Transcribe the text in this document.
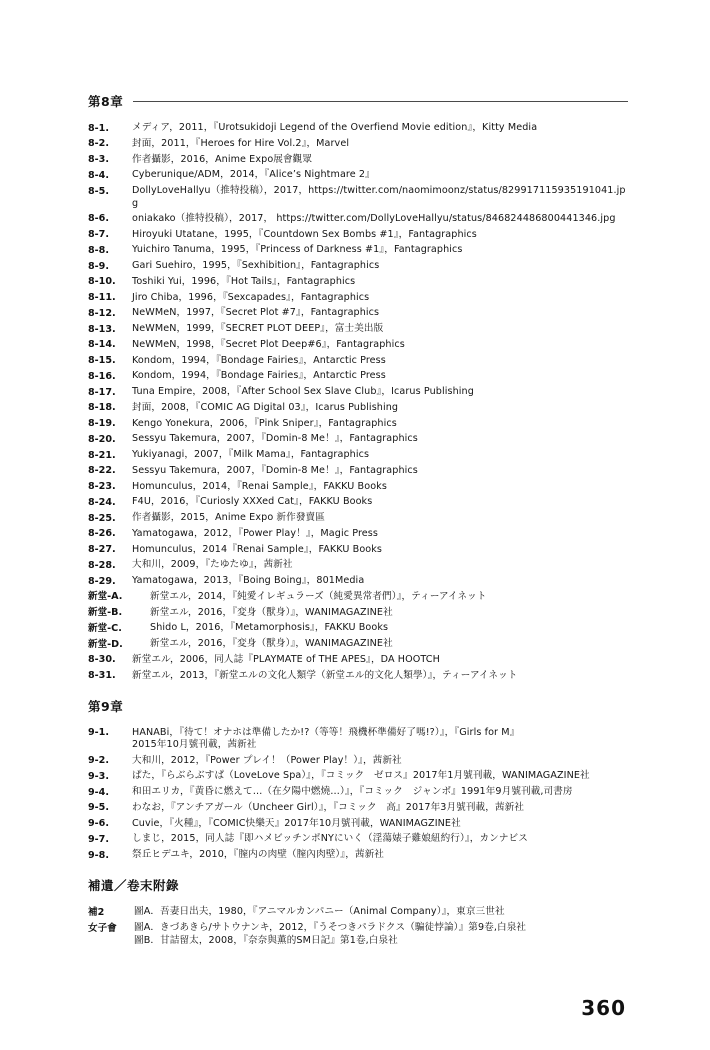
第8章
8-1.	メディア，2011，『Urotsukidoji Legend of the Overfiend Movie edition』，Kitty Media
8-2.	封面，2011，『Heroes for Hire Vol.2』，Marvel
8-3.	作者攝影，2016，Anime Expo展會觀眾
8-4.	Cyberunique/ADM，2014，『Alice’s Nightmare 2』
8-5.	DollyLoveHallyu（推特投稿），2017，https://twitter.com/naomimoonz/status/829917115935191041.jpg
8-6.	oniakako（推特投稿），2017， https://twitter.com/DollyLoveHallyu/status/846824486800441346.jpg
8-7.	Hiroyuki Utatane，1995，『Countdown Sex Bombs #1』，Fantagraphics
8-8.	Yuichiro Tanuma，1995，『Princess of Darkness #1』，Fantagraphics
8-9.	Gari Suehiro，1995，『Sexhibition』，Fantagraphics
8-10.	Toshiki Yui，1996，『Hot Tails』，Fantagraphics
8-11.	Jiro Chiba，1996，『Sexcapades』，Fantagraphics
8-12.	NeWMeN，1997，『Secret Plot #7』，Fantagraphics
8-13.	NeWMeN，1999，『SECRET PLOT DEEP』，富士美出版
8-14.	NeWMeN，1998，『Secret Plot Deep#6』，Fantagraphics
8-15.	Kondom，1994，『Bondage Fairies』，Antarctic Press
8-16.	Kondom，1994，『Bondage Fairies』，Antarctic Press
8-17.	Tuna Empire，2008，『After School Sex Slave Club』，Icarus Publishing
8-18.	封面，2008，『COMIC AG Digital 03』，Icarus Publishing
8-19.	Kengo Yonekura，2006，『Pink Sniper』，Fantagraphics
8-20.	Sessyu Takemura，2007，『Domin-8 Me！』，Fantagraphics
8-21.	Yukiyanagi，2007，『Milk Mama』，Fantagraphics
8-22.	Sessyu Takemura，2007，『Domin-8 Me！』，Fantagraphics
8-23.	Homunculus，2014，『Renai Sample』，FAKKU Books
8-24.	F4U，2016，『Curiosly XXXed Cat』，FAKKU Books
8-25.	作者攝影，2015，Anime Expo 新作發賣區
8-26.	Yamatogawa，2012，『Power Play！』，Magic Press
8-27.	Homunculus，2014『Renai Sample』，FAKKU Books
8-28.	大和川，2009，『たゆたゆ』，茜新社
8-29.	Yamatogawa，2013，『Boing Boing』，801Media
新堂-A.	新堂エル，2014，『純愛イレギュラーズ（純愛異常者們）』，ティーアイネット
新堂-B.	新堂エル，2016，『変身（獸身）』，WANIMAGAZINE社
新堂-C.	Shido L，2016，『Metamorphosis』，FAKKU Books
新堂-D.	新堂エル，2016，『変身（獸身）』，WANIMAGAZINE社
8-30.	新堂エル，2006，同人誌『PLAYMATE of THE APES』，DA HOOTCH
8-31.	新堂エル，2013，『新堂エルの文化人類学（新堂エル的文化人類學）』，ティーアイネット
第9章
9-1.	HANABi，『待て！オナホは準備したか!?（等等！飛機杯準備好了嗎!?）』，『Girls for M』
2015年10月號刊載，茜新社
9-2.	大和川，2012，『Power プレイ！（Power Play！）』，茜新社
9-3.	ぱた，『らぶらぶすぱ（LoveLove Spa）』，『コミック　ゼロス』2017年1月號刊載，WANIMAGAZINE社
9-4.	和田エリカ，『黄昏に燃えて…（在夕陽中燃燒…）』，『コミック　ジャンボ』1991年9月號刊載,司書房
9-5.	わなお，『アンチアガール（Uncheer Girl）』，『コミック　高』2017年3月號刊載，茜新社
9-6.	Cuvie，『火種』，『COMIC快樂天』2017年10月號刊載，WANIMAGZINE社
9-7.	しまじ，2015，同人誌『即ハメビッチンポNYにいく（淫蕩婊子雞娘紐約行）』，カンナビス
9-8.	祭丘ヒデユキ，2010，『膣内の肉壁（膣內肉壁）』，茜新社
補遺／卷末附錄
補2	圖A．吾妻日出夫，1980，『アニマルカンパニー（Animal Company）』，東京三世社
女子會	圖A．きづあきら/サトウナンキ，2012，『うそつきパラドクス（騙徒悖論）』第9卷,白泉社
圖B．甘詰留太，2008，『奈奈與薫的SM日記』第1卷,白泉社
360
